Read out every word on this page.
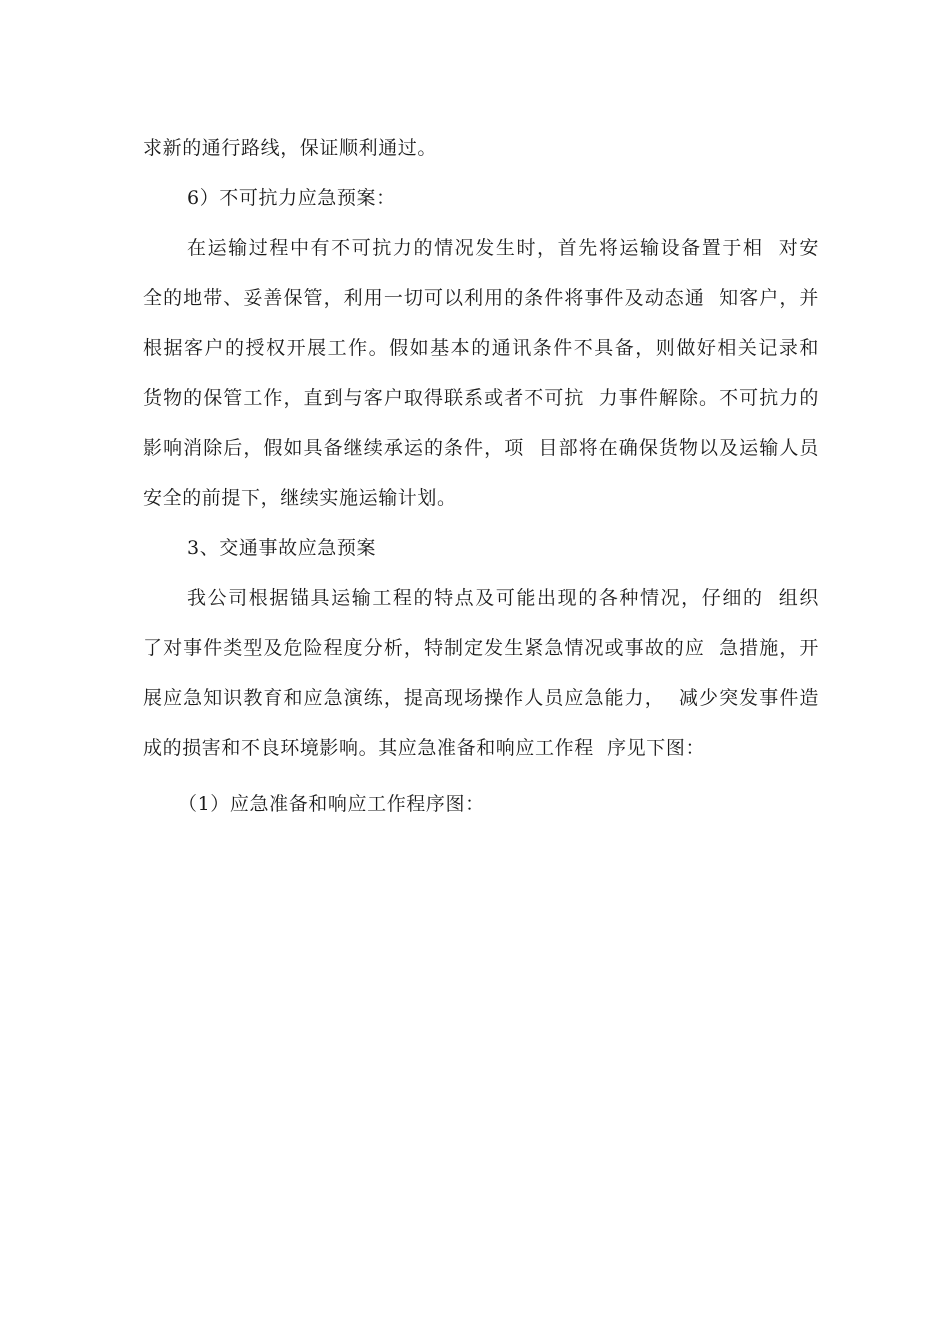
求新的通行路线，保证顺利通过。
6）不可抗力应急预案：
在运输过程中有不可抗力的情况发生时，首先将运输设备置于相  对安
全的地带、妥善保管，利用一切可以利用的条件将事件及动态通  知客户，并
根据客户的授权开展工作。假如基本的通讯条件不具备，则做好相关记录和
货物的保管工作，直到与客户取得联系或者不可抗  力事件解除。不可抗力的
影响消除后，假如具备继续承运的条件，项  目部将在确保货物以及运输人员
安全的前提下，继续实施运输计划。
3、交通事故应急预案
我公司根据锚具运输工程的特点及可能出现的各种情况，仔细的  组织
了对事件类型及危险程度分析，特制定发生紧急情况或事故的应  急措施，开
展应急知识教育和应急演练，提高现场操作人员应急能力，  减少突发事件造
成的损害和不良环境影响。其应急准备和响应工作程  序见下图：
（1）应急准备和响应工作程序图：
